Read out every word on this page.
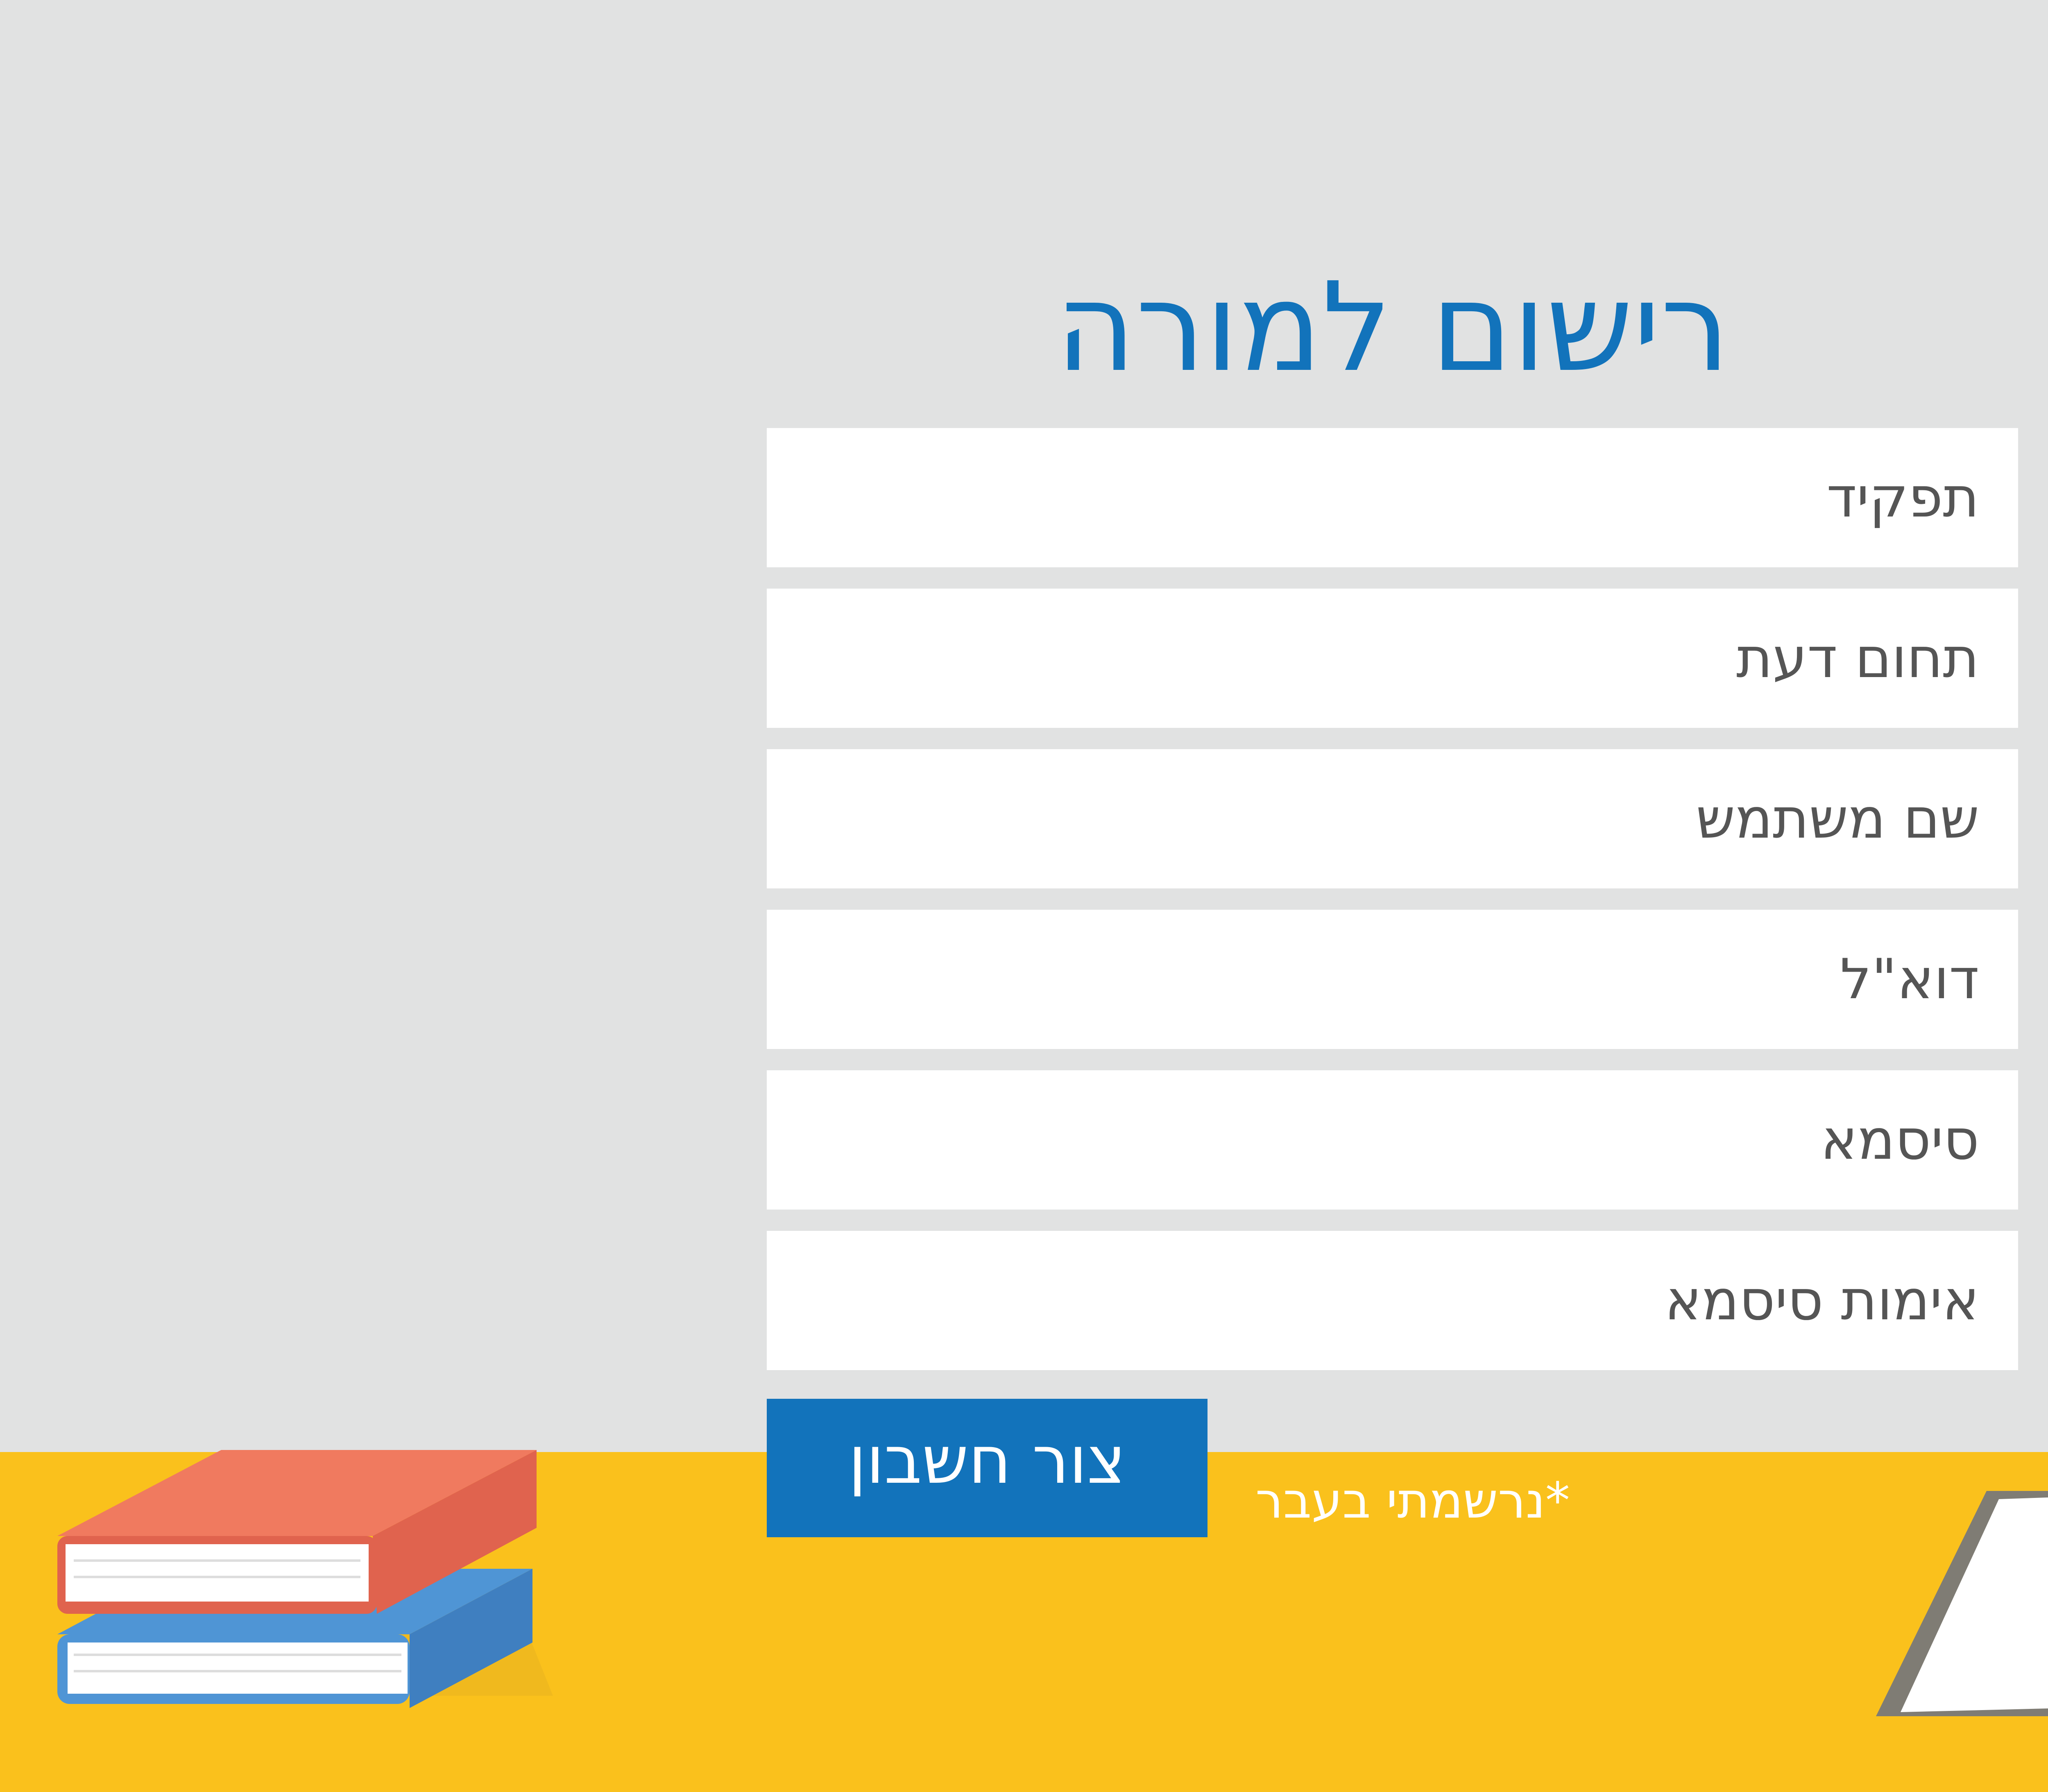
רישום למורה
תפקיד
תחום דעת
שם משתמש
דוא"ל
צור חשבון
*נרשמתי בעבר
